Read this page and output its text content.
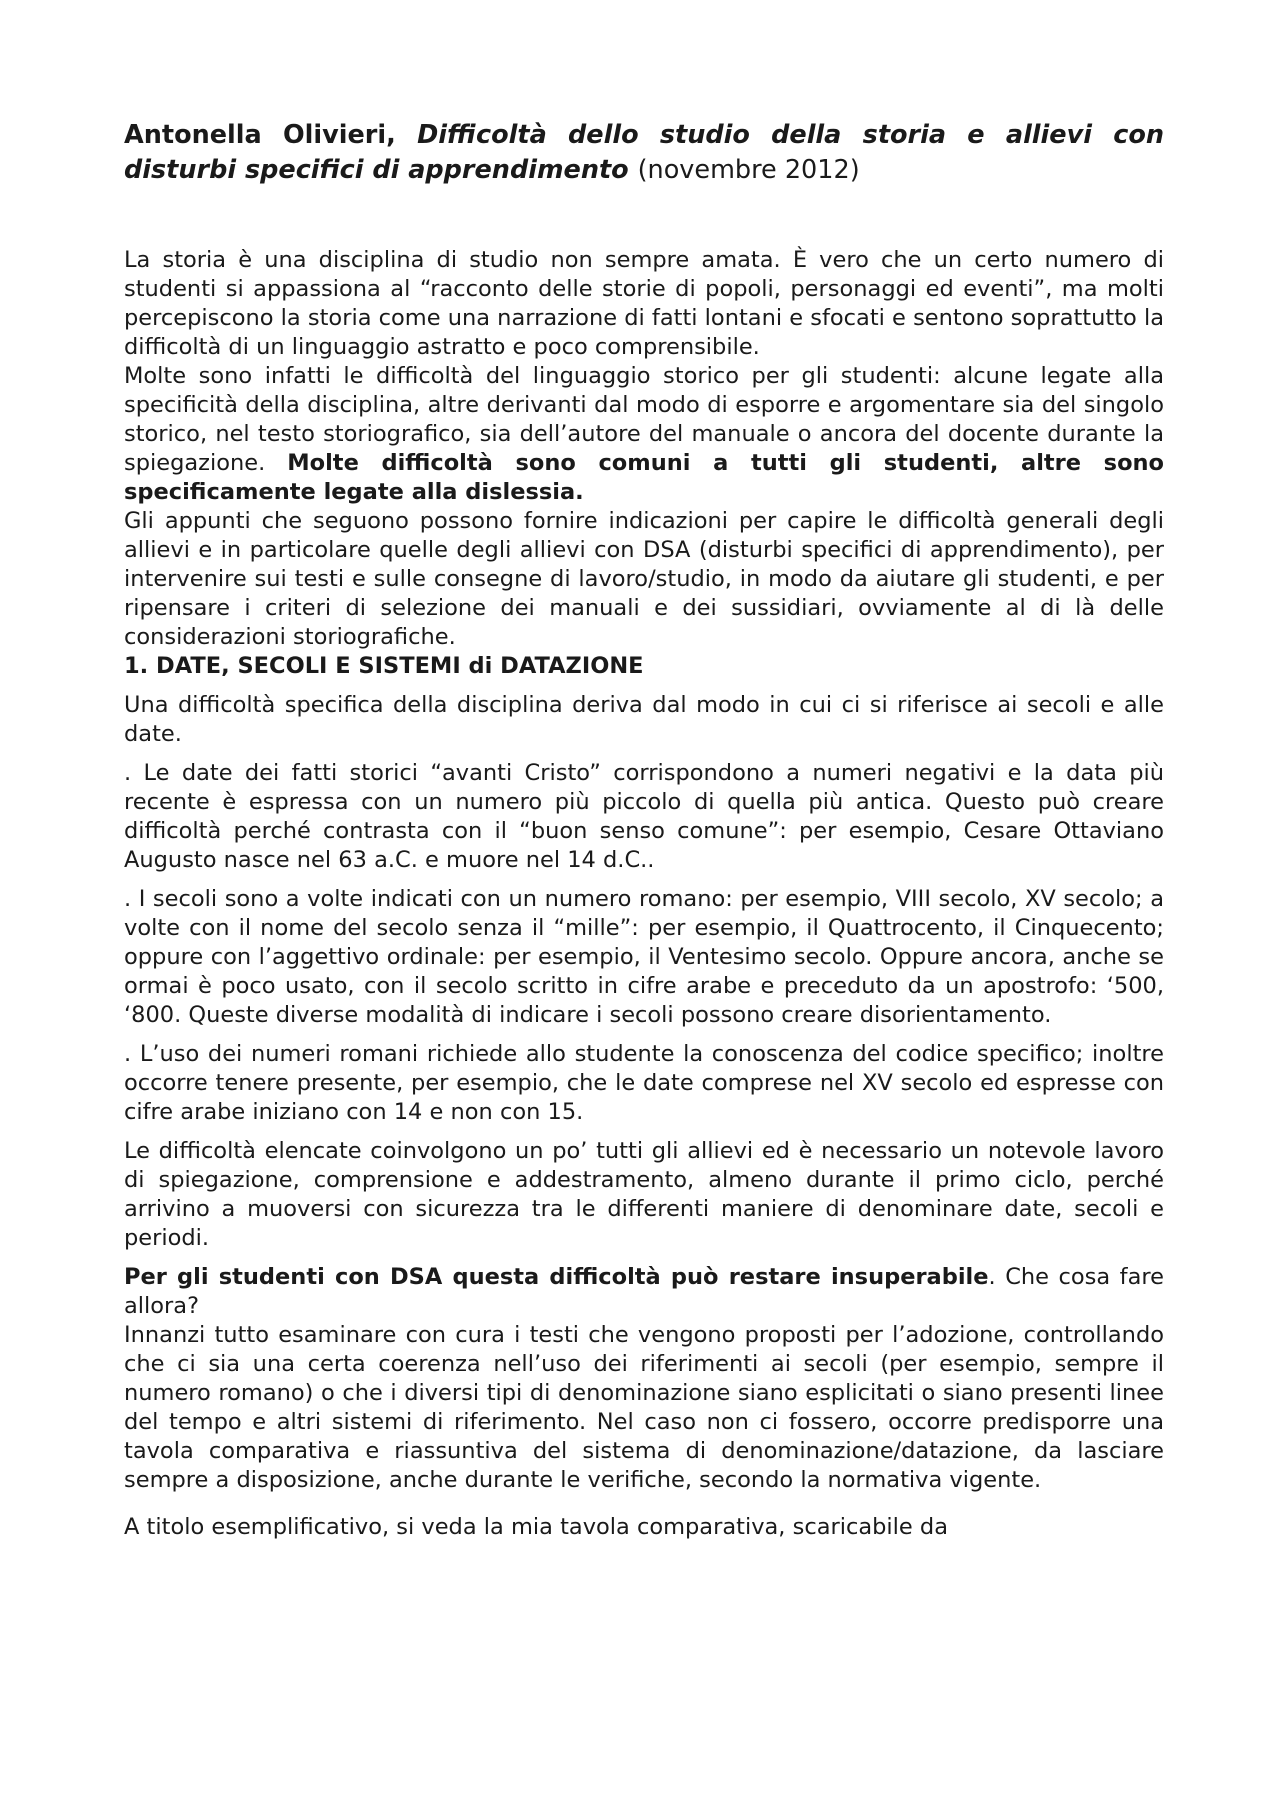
Antonella Olivieri, Difficoltà dello studio della storia e allievi con disturbi specifici di apprendimento (novembre 2012)

La storia è una disciplina di studio non sempre amata. È vero che un certo numero di studenti si appassiona al “racconto delle storie di popoli, personaggi ed eventi”, ma molti percepiscono la storia come una narrazione di fatti lontani e sfocati e sentono soprattutto la difficoltà di un linguaggio astratto e poco comprensibile.

Molte sono infatti le difficoltà del linguaggio storico per gli studenti: alcune legate alla specificità della disciplina, altre derivanti dal modo di esporre e argomentare sia del singolo storico, nel testo storiografico, sia dell’autore del manuale o ancora del docente durante la spiegazione. Molte difficoltà sono comuni a tutti gli studenti, altre sono specificamente legate alla dislessia.

Gli appunti che seguono possono fornire indicazioni per capire le difficoltà generali degli allievi e in particolare quelle degli allievi con DSA (disturbi specifici di apprendimento), per intervenire sui testi e sulle consegne di lavoro/studio, in modo da aiutare gli studenti, e per ripensare i criteri di selezione dei manuali e dei sussidiari, ovviamente al di là delle considerazioni storiografiche.

1. DATE, SECOLI E SISTEMI di DATAZIONE

Una difficoltà specifica della disciplina deriva dal modo in cui ci si riferisce ai secoli e alle date.

. Le date dei fatti storici “avanti Cristo” corrispondono a numeri negativi e la data più recente è espressa con un numero più piccolo di quella più antica. Questo può creare difficoltà perché contrasta con il “buon senso comune”: per esempio, Cesare Ottaviano Augusto nasce nel 63 a.C. e muore nel 14 d.C..

. I secoli sono a volte indicati con un numero romano: per esempio, VIII secolo, XV secolo; a volte con il nome del secolo senza il “mille”: per esempio, il Quattrocento, il Cinquecento; oppure con l’aggettivo ordinale: per esempio, il Ventesimo secolo. Oppure ancora, anche se ormai è poco usato, con il secolo scritto in cifre arabe e preceduto da un apostrofo: ‘500, ‘800. Queste diverse modalità di indicare i secoli possono creare disorientamento.

. L’uso dei numeri romani richiede allo studente la conoscenza del codice specifico; inoltre occorre tenere presente, per esempio, che le date comprese nel XV secolo ed espresse con cifre arabe iniziano con 14 e non con 15.

Le difficoltà elencate coinvolgono un po’ tutti gli allievi ed è necessario un notevole lavoro di spiegazione, comprensione e addestramento, almeno durante il primo ciclo, perché arrivino a muoversi con sicurezza tra le differenti maniere di denominare date, secoli e periodi.

Per gli studenti con DSA questa difficoltà può restare insuperabile. Che cosa fare allora?

Innanzi tutto esaminare con cura i testi che vengono proposti per l’adozione, controllando che ci sia una certa coerenza nell’uso dei riferimenti ai secoli (per esempio, sempre il numero romano) o che i diversi tipi di denominazione siano esplicitati o siano presenti linee del tempo e altri sistemi di riferimento. Nel caso non ci fossero, occorre predisporre una tavola comparativa e riassuntiva del sistema di denominazione/datazione, da lasciare sempre a disposizione, anche durante le verifiche, secondo la normativa vigente.

A titolo esemplificativo, si veda la mia tavola comparativa, scaricabile da
